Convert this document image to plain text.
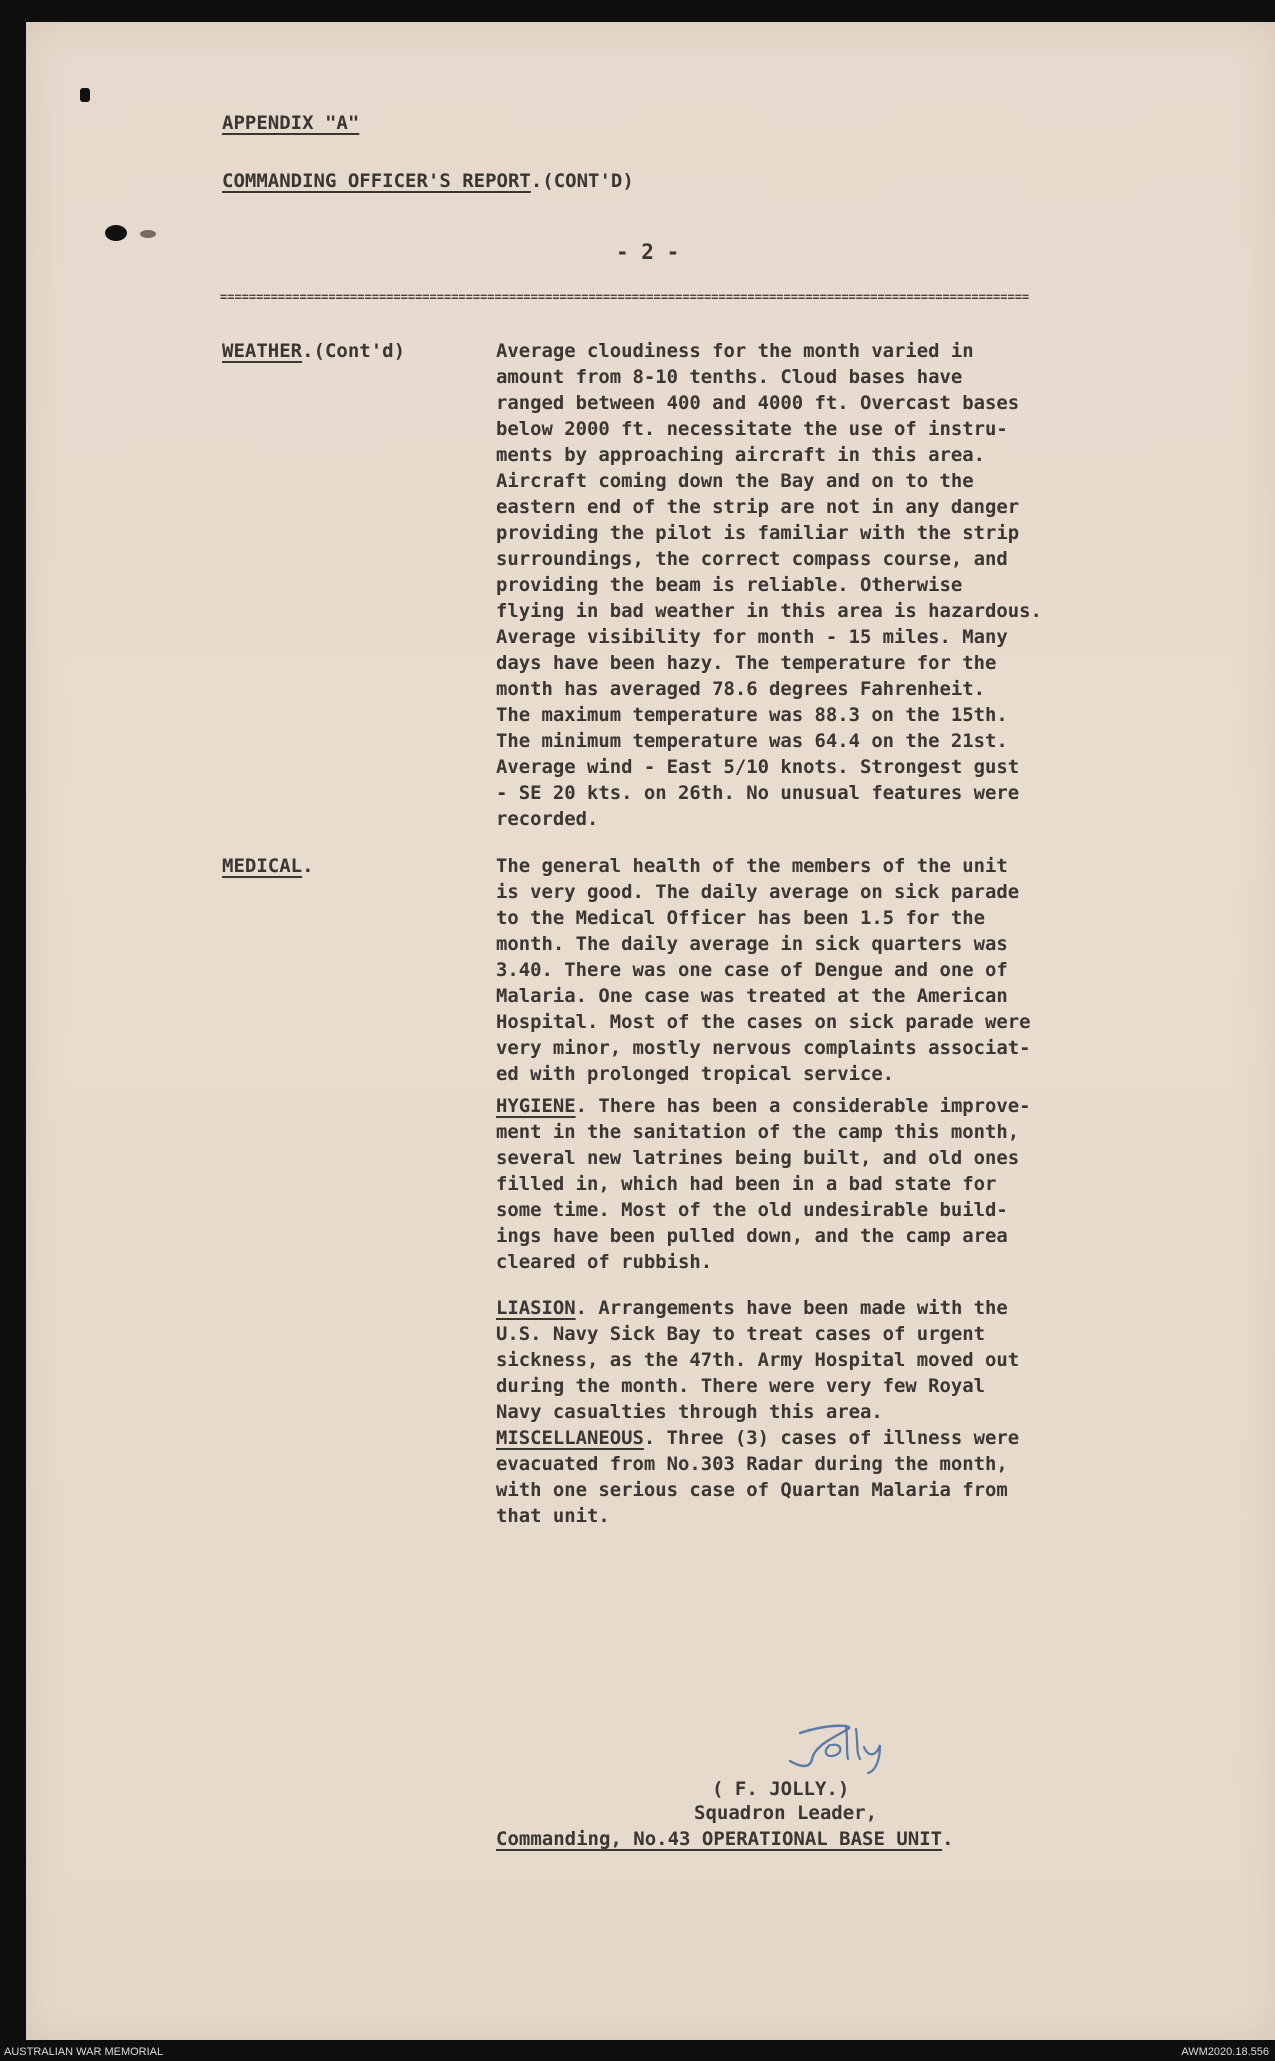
APPENDIX "A"
COMMANDING OFFICER'S REPORT.(CONT'D)
- 2 -
================================================================================================================
WEATHER.(Cont'd)	Average cloudiness for the month varied in
amount from 8-10 tenths. Cloud bases have
ranged between 400 and 4000 ft. Overcast bases
below 2000 ft. necessitate the use of instru-
ments by approaching aircraft in this area.
Aircraft coming down the Bay and on to the
eastern end of the strip are not in any danger
providing the pilot is familiar with the strip
surroundings, the correct compass course, and
providing the beam is reliable. Otherwise
flying in bad weather in this area is hazardous.
Average visibility for month - 15 miles. Many
days have been hazy. The temperature for the
month has averaged 78.6 degrees Fahrenheit.
The maximum temperature was 88.3 on the 15th.
The minimum temperature was 64.4 on the 21st.
Average wind - East 5/10 knots. Strongest gust
- SE 20 kts. on 26th. No unusual features were
recorded.
MEDICAL.	The general health of the members of the unit
is very good. The daily average on sick parade
to the Medical Officer has been 1.5 for the
month. The daily average in sick quarters was
3.40. There was one case of Dengue and one of
Malaria. One case was treated at the American
Hospital. Most of the cases on sick parade were
very minor, mostly nervous complaints associat-
ed with prolonged tropical service.
HYGIENE. There has been a considerable improve-
ment in the sanitation of the camp this month,
several new latrines being built, and old ones
filled in, which had been in a bad state for
some time. Most of the old undesirable build-
ings have been pulled down, and the camp area
cleared of rubbish.
LIASION. Arrangements have been made with the
U.S. Navy Sick Bay to treat cases of urgent
sickness, as the 47th. Army Hospital moved out
during the month. There were very few Royal
Navy casualties through this area.
MISCELLANEOUS. Three (3) cases of illness were
evacuated from No.303 Radar during the month,
with one serious case of Quartan Malaria from
that unit.
( F. JOLLY.)
Squadron Leader,
Commanding, No.43 OPERATIONAL BASE UNIT.
AUSTRALIAN WAR MEMORIAL	AWM2020.18.556
